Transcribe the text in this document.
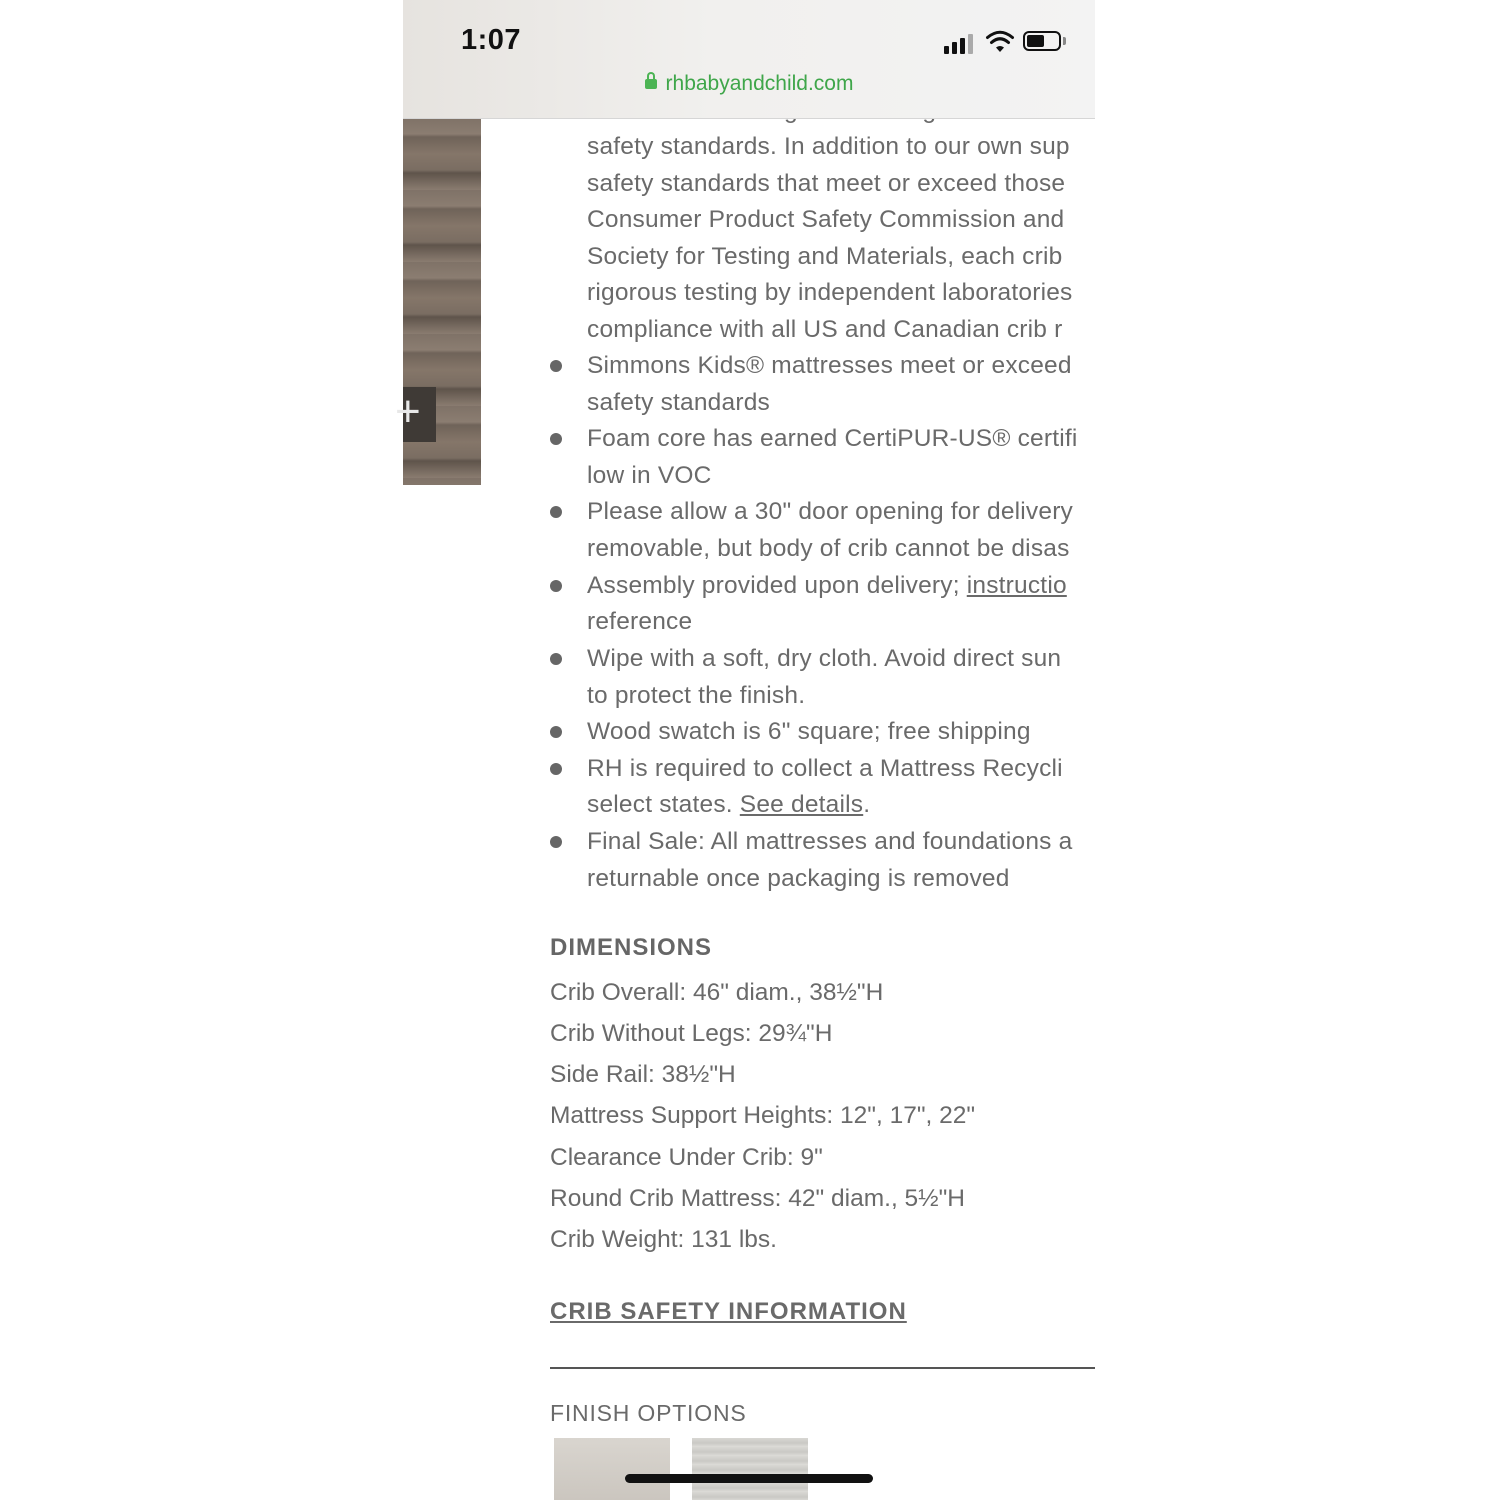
1:07
rhbabyandchild.com
+
safety standards. In addition to our own sup
safety standards that meet or exceed those
Consumer Product Safety Commission and
Society for Testing and Materials, each crib
rigorous testing by independent laboratories
compliance with all US and Canadian crib r
Simmons Kids® mattresses meet or exceed
safety standards
Foam core has earned CertiPUR-US® certifi
low in VOC
Please allow a 30" door opening for delivery
removable, but body of crib cannot be disas
Assembly provided upon delivery; instructio
reference
Wipe with a soft, dry cloth. Avoid direct sun
to protect the finish.
Wood swatch is 6" square; free shipping
RH is required to collect a Mattress Recycli
select states. See details.
Final Sale: All mattresses and foundations a
returnable once packaging is removed
DIMENSIONS
Crib Overall: 46" diam., 38½"H
Crib Without Legs: 29¾"H
Side Rail: 38½"H
Mattress Support Heights: 12", 17", 22"
Clearance Under Crib: 9"
Round Crib Mattress: 42" diam., 5½"H
Crib Weight: 131 lbs.
CRIB SAFETY INFORMATION
FINISH OPTIONS
